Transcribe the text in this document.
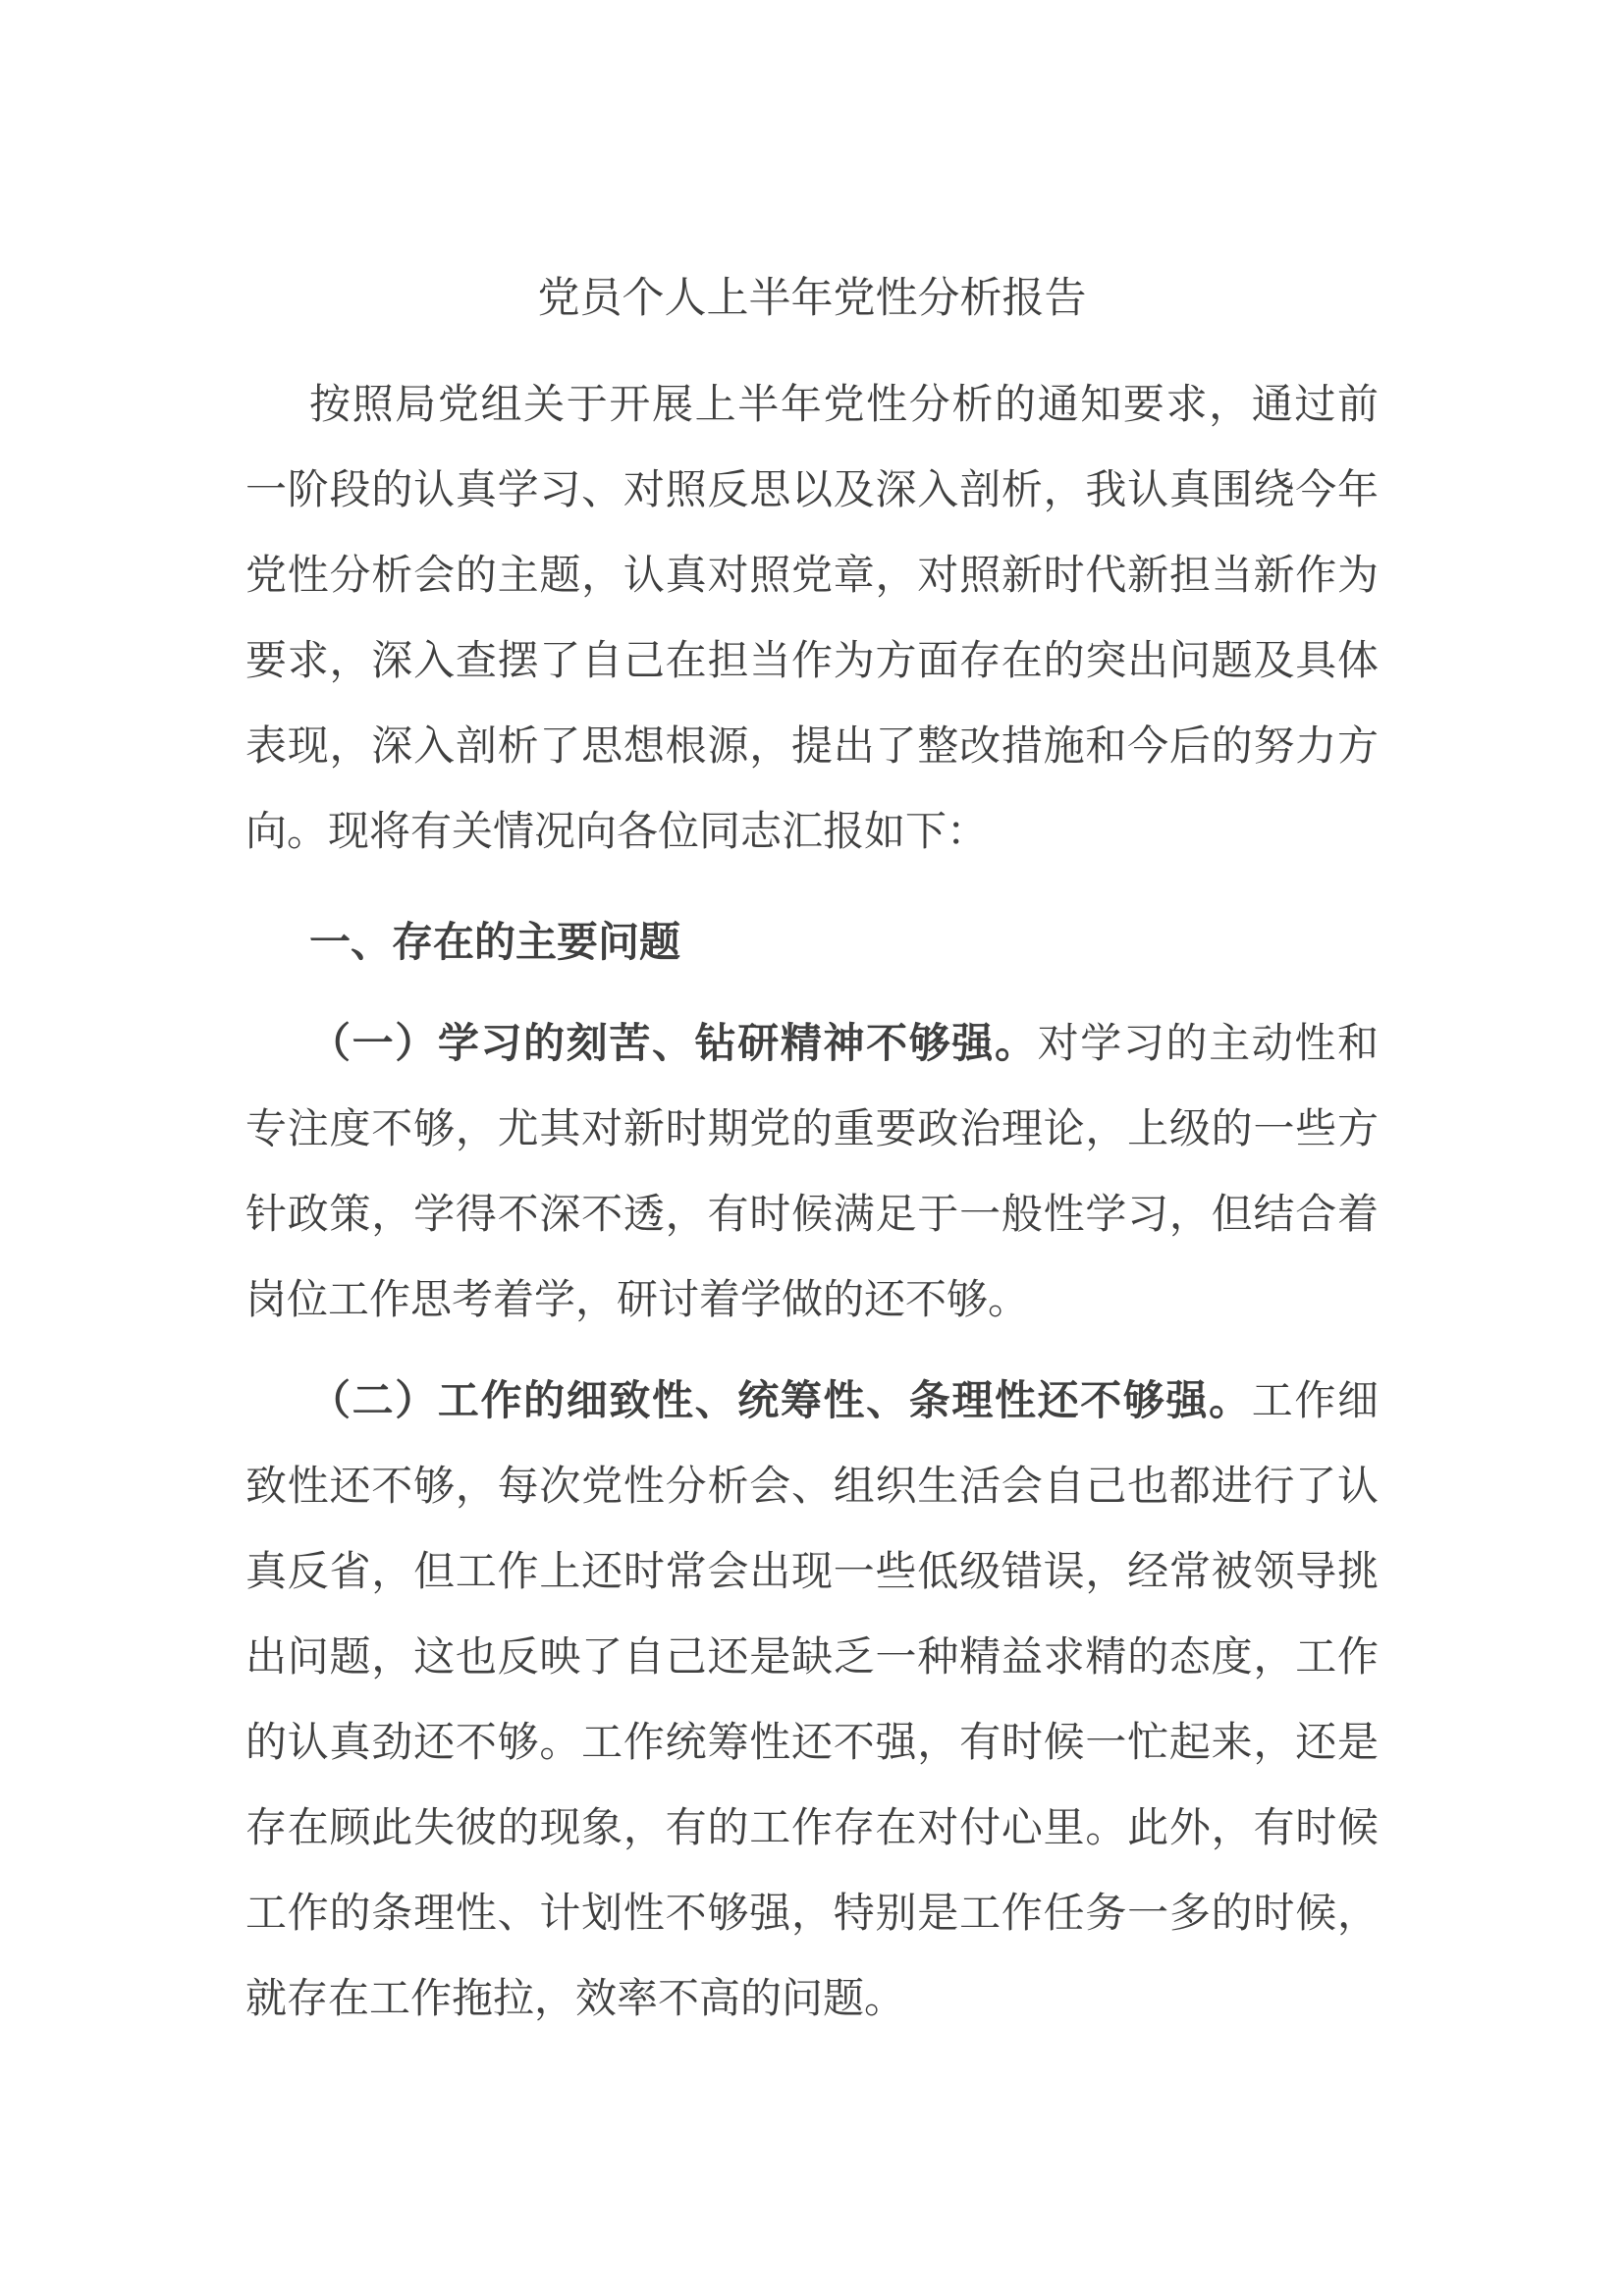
党员个人上半年党性分析报告

按照局党组关于开展上半年党性分析的通知要求，通过前一阶段的认真学习、对照反思以及深入剖析，我认真围绕今年党性分析会的主题，认真对照党章，对照新时代新担当新作为要求，深入查摆了自己在担当作为方面存在的突出问题及具体表现，深入剖析了思想根源，提出了整改措施和今后的努力方向。现将有关情况向各位同志汇报如下：

一、存在的主要问题

（一）学习的刻苦、钻研精神不够强。对学习的主动性和专注度不够，尤其对新时期党的重要政治理论，上级的一些方针政策，学得不深不透，有时候满足于一般性学习，但结合着岗位工作思考着学，研讨着学做的还不够。

（二）工作的细致性、统筹性、条理性还不够强。工作细致性还不够，每次党性分析会、组织生活会自己也都进行了认真反省，但工作上还时常会出现一些低级错误，经常被领导挑出问题，这也反映了自己还是缺乏一种精益求精的态度，工作的认真劲还不够。工作统筹性还不强，有时候一忙起来，还是存在顾此失彼的现象，有的工作存在对付心里。此外，有时候工作的条理性、计划性不够强，特别是工作任务一多的时候，就存在工作拖拉，效率不高的问题。
